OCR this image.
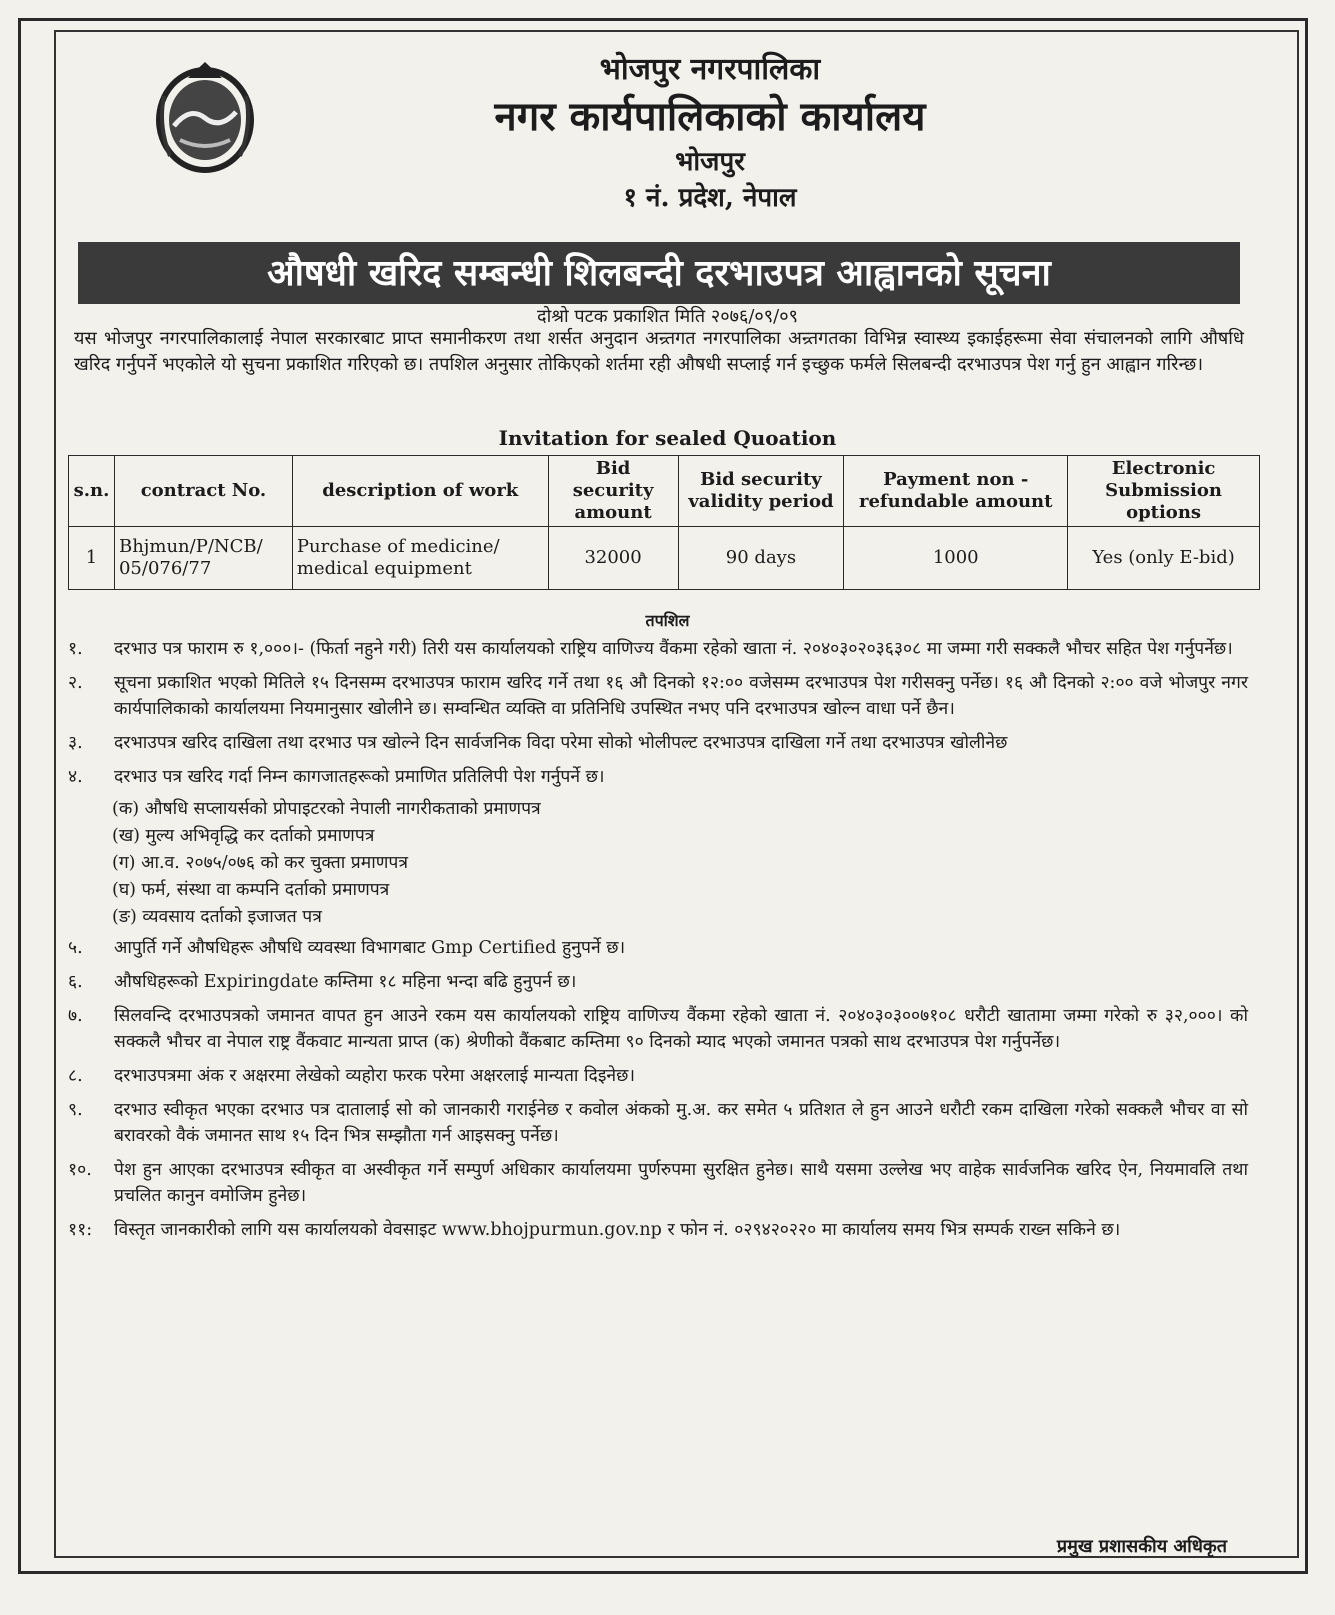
भोजपुर नगरपालिका
नगर कार्यपालिकाको कार्यालय
भोजपुर
१ नं. प्रदेश, नेपाल
औषधी खरिद सम्बन्धी शिलबन्दी दरभाउपत्र आह्वानको सूचना
दोश्रो पटक प्रकाशित मिति २०७६/०९/०९
यस भोजपुर नगरपालिकालाई नेपाल सरकारबाट प्राप्त समानीकरण तथा शर्सत अनुदान अन्र्तगत नगरपालिका अन्र्तगतका विभिन्न स्वास्थ्य इकाईहरूमा सेवा संचालनको लागि औषधि खरिद गर्नुपर्ने भएकोले यो सुचना प्रकाशित गरिएको छ। तपशिल अनुसार तोकिएको शर्तमा रही औषधी सप्लाई गर्न इच्छुक फर्मले सिलबन्दी दरभाउपत्र पेश गर्नु हुन आह्वान गरिन्छ।
Invitation for sealed Quoation
s.n.	contract No.	description of work	Bid security amount	Bid security validity period	Payment non -refundable amount	Electronic Submission options
1	Bhjmun/P/NCB/ 05/076/77	Purchase of medicine/ medical equipment	32000	90 days	1000	Yes (only E-bid)
तपशिल
१.	दरभाउ पत्र फाराम रु १,०००।- (फिर्ता नहुने गरी) तिरी यस कार्यालयको राष्ट्रिय वाणिज्य वैंकमा रहेको खाता नं. २०४०३०२०३६३०८ मा जम्मा गरी सक्कलै भौचर सहित पेश गर्नुपर्नेछ।
२.	सूचना प्रकाशित भएको मितिले १५ दिनसम्म दरभाउपत्र फाराम खरिद गर्ने तथा १६ औ दिनको १२:०० वजेसम्म दरभाउपत्र पेश गरीसक्नु पर्नेछ। १६ औ दिनको २:०० वजे भोजपुर नगर कार्यपालिकाको कार्यालयमा नियमानुसार खोलीने छ। सम्वन्धित व्यक्ति वा प्रतिनिधि उपस्थित नभए पनि दरभाउपत्र खोल्न वाधा पर्ने छैन।
३.	दरभाउपत्र खरिद दाखिला तथा दरभाउ पत्र खोल्ने दिन सार्वजनिक विदा परेमा सोको भोलीपल्ट दरभाउपत्र दाखिला गर्ने तथा दरभाउपत्र खोलीनेछ
४.	दरभाउ पत्र खरिद गर्दा निम्न कागजातहरूको प्रमाणित प्रतिलिपी पेश गर्नुपर्ने छ।
(क) औषधि सप्लायर्सको प्रोपाइटरको नेपाली नागरीकताको प्रमाणपत्र
(ख) मुल्य अभिवृद्धि कर दर्ताको प्रमाणपत्र
(ग) आ.व. २०७५/०७६ को कर चुक्ता प्रमाणपत्र
(घ) फर्म, संस्था वा कम्पनि दर्ताको प्रमाणपत्र
(ङ) व्यवसाय दर्ताको इजाजत पत्र
५.	आपुर्ति गर्ने औषधिहरू औषधि व्यवस्था विभागबाट Gmp Certified हुनुपर्ने छ।
६.	औषधिहरूको Expiringdate कम्तिमा १८ महिना भन्दा बढि हुनुपर्न छ।
७.	सिलवन्दि दरभाउपत्रको जमानत वापत हुन आउने रकम यस कार्यालयको राष्ट्रिय वाणिज्य वैंकमा रहेको खाता नं. २०४०३०३००७१०८ धरौटी खातामा जम्मा गरेको रु ३२,०००। को सक्कलै भौचर वा नेपाल राष्ट्र वैंकवाट मान्यता प्राप्त (क) श्रेणीको वैंकबाट कम्तिमा ९० दिनको म्याद भएको जमानत पत्रको साथ दरभाउपत्र पेश गर्नुपर्नेछ।
८.	दरभाउपत्रमा अंक र अक्षरमा लेखेको व्यहोरा फरक परेमा अक्षरलाई मान्यता दिइनेछ।
९.	दरभाउ स्वीकृत भएका दरभाउ पत्र दातालाई सो को जानकारी गराईनेछ र कवोल अंकको मु.अ. कर समेत ५ प्रतिशत ले हुन आउने धरौटी रकम दाखिला गरेको सक्कलै भौचर वा सो बरावरको वैकं जमानत साथ १५ दिन भित्र सम्झौता गर्न आइसक्नु पर्नेछ।
१०.	पेश हुन आएका दरभाउपत्र स्वीकृत वा अस्वीकृत गर्ने सम्पुर्ण अधिकार कार्यालयमा पुर्णरुपमा सुरक्षित हुनेछ। साथै यसमा उल्लेख भए वाहेक सार्वजनिक खरिद ऐन, नियमावलि तथा प्रचलित कानुन वमोजिम हुनेछ।
११:	विस्तृत जानकारीको लागि यस कार्यालयको वेवसाइट www.bhojpurmun.gov.np र फोन नं. ०२९४२०२२० मा कार्यालय समय भित्र सम्पर्क राख्न सकिने छ।
प्रमुख प्रशासकीय अधिकृत
